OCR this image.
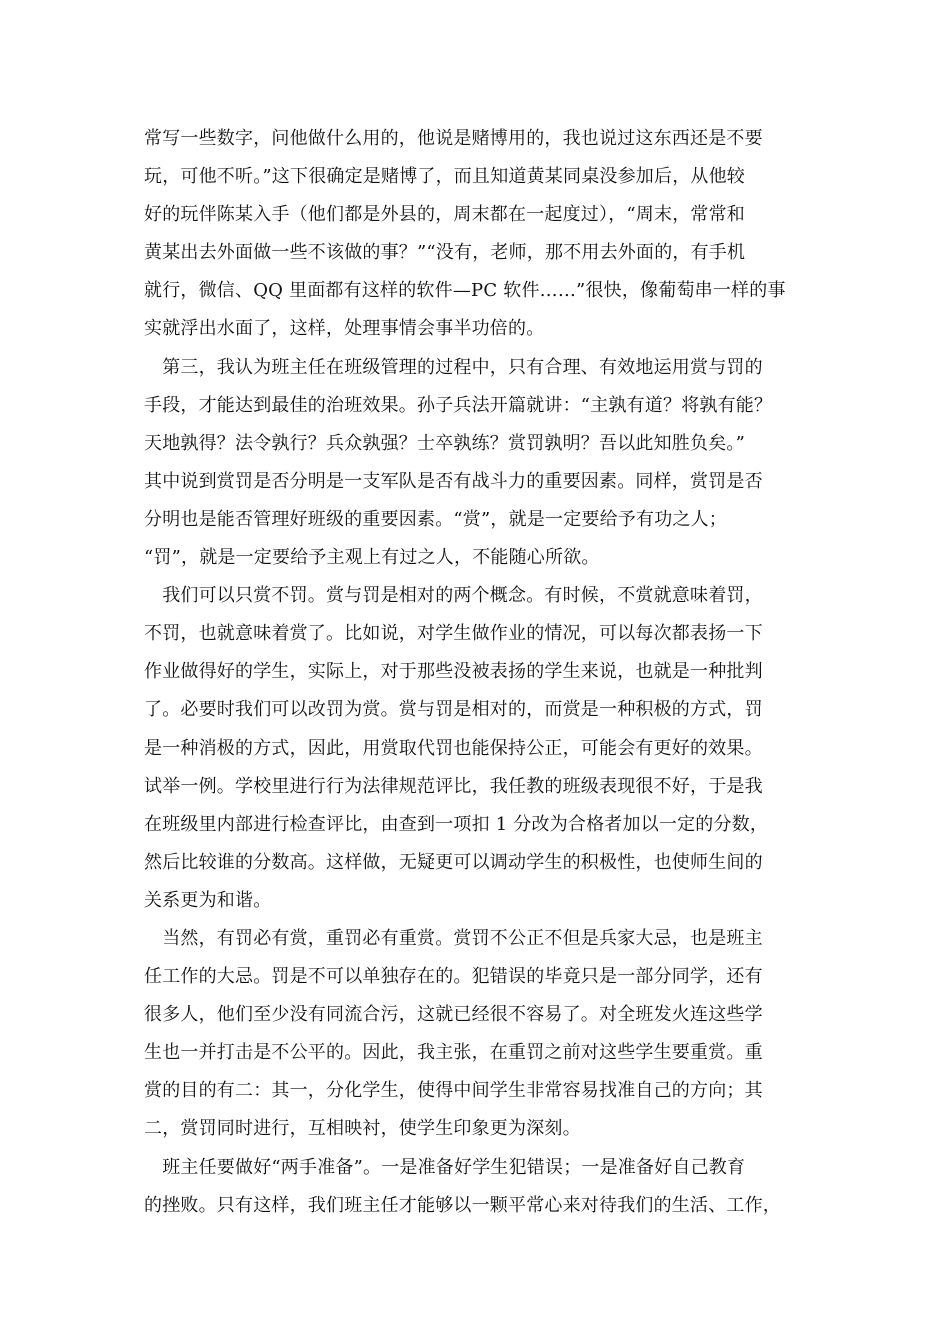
常写一些数字，问他做什么用的，他说是赌博用的，我也说过这东西还是不要
玩，可他不听。”这下很确定是赌博了，而且知道黄某同桌没参加后，从他较
好的玩伴陈某入手（他们都是外县的，周末都在一起度过），“周末，常常和
黄某出去外面做一些不该做的事？”“没有，老师，那不用去外面的，有手机
就行，微信、QQ 里面都有这样的软件—PC 软件……”很快，像葡萄串一样的事
实就浮出水面了，这样，处理事情会事半功倍的。
　第三，我认为班主任在班级管理的过程中，只有合理、有效地运用赏与罚的
手段，才能达到最佳的治班效果。孙子兵法开篇就讲：“主孰有道？将孰有能？
天地孰得？法令孰行？兵众孰强？士卒孰练？赏罚孰明？吾以此知胜负矣。”
其中说到赏罚是否分明是一支军队是否有战斗力的重要因素。同样，赏罚是否
分明也是能否管理好班级的重要因素。“赏”，就是一定要给予有功之人；
“罚”，就是一定要给予主观上有过之人，不能随心所欲。
　我们可以只赏不罚。赏与罚是相对的两个概念。有时候，不赏就意味着罚，
不罚，也就意味着赏了。比如说，对学生做作业的情况，可以每次都表扬一下
作业做得好的学生，实际上，对于那些没被表扬的学生来说，也就是一种批判
了。必要时我们可以改罚为赏。赏与罚是相对的，而赏是一种积极的方式，罚
是一种消极的方式，因此，用赏取代罚也能保持公正，可能会有更好的效果。
试举一例。学校里进行行为法律规范评比，我任教的班级表现很不好，于是我
在班级里内部进行检查评比，由查到一项扣 1 分改为合格者加以一定的分数，
然后比较谁的分数高。这样做，无疑更可以调动学生的积极性，也使师生间的
关系更为和谐。
　当然，有罚必有赏，重罚必有重赏。赏罚不公正不但是兵家大忌，也是班主
任工作的大忌。罚是不可以单独存在的。犯错误的毕竟只是一部分同学，还有
很多人，他们至少没有同流合污，这就已经很不容易了。对全班发火连这些学
生也一并打击是不公平的。因此，我主张，在重罚之前对这些学生要重赏。重
赏的目的有二：其一，分化学生，使得中间学生非常容易找准自己的方向；其
二，赏罚同时进行，互相映衬，使学生印象更为深刻。
　班主任要做好“两手准备”。一是准备好学生犯错误；一是准备好自己教育
的挫败。只有这样，我们班主任才能够以一颗平常心来对待我们的生活、工作，
